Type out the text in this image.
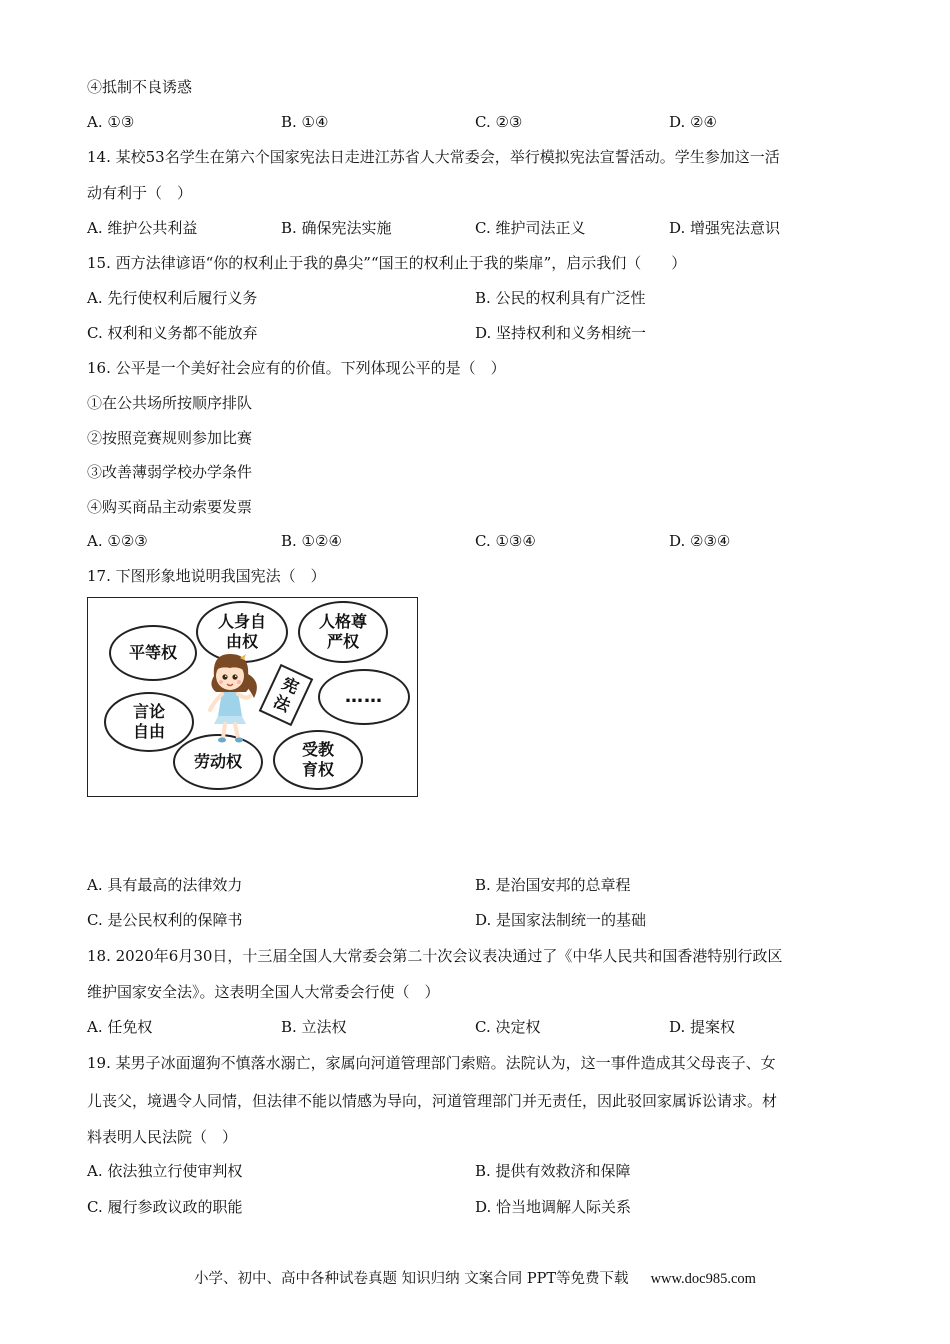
④抵制不良诱惑
A. ①③	B. ①④	C. ②③	D. ②④
14. 某校53名学生在第六个国家宪法日走进江苏省人大常委会，举行模拟宪法宣誓活动。学生参加这一活
动有利于（　）
A. 维护公共利益	B. 确保宪法实施	C. 维护司法正义	D. 增强宪法意识
15. 西方法律谚语“你的权利止于我的鼻尖”“国王的权利止于我的柴扉”，启示我们（　　）
A. 先行使权利后履行义务	B. 公民的权利具有广泛性
C. 权利和义务都不能放弃	D. 坚持权利和义务相统一
16. 公平是一个美好社会应有的价值。下列体现公平的是（　）
①在公共场所按顺序排队
②按照竞赛规则参加比赛
③改善薄弱学校办学条件
④购买商品主动索要发票
A. ①②③	B. ①②④	C. ①③④	D. ②③④
17. 下图形象地说明我国宪法（　）
平等权
人身自
由权
人格尊
严权
言论
自由
……
劳动权
受教
育权
宪
法
A. 具有最高的法律效力	B. 是治国安邦的总章程
C. 是公民权利的保障书	D. 是国家法制统一的基础
18. 2020年6月30日，十三届全国人大常委会第二十次会议表决通过了《中华人民共和国香港特别行政区
维护国家安全法》。这表明全国人大常委会行使（　）
A. 任免权	B. 立法权	C. 决定权	D. 提案权
19. 某男子冰面遛狗不慎落水溺亡，家属向河道管理部门索赔。法院认为，这一事件造成其父母丧子、女
儿丧父，境遇令人同情，但法律不能以情感为导向，河道管理部门并无责任，因此驳回家属诉讼请求。材
料表明人民法院（　）
A. 依法独立行使审判权	B. 提供有效救济和保障
C. 履行参政议政的职能	D. 恰当地调解人际关系
小学、初中、高中各种试卷真题 知识归纳 文案合同 PPT等免费下载 www.doc985.com
